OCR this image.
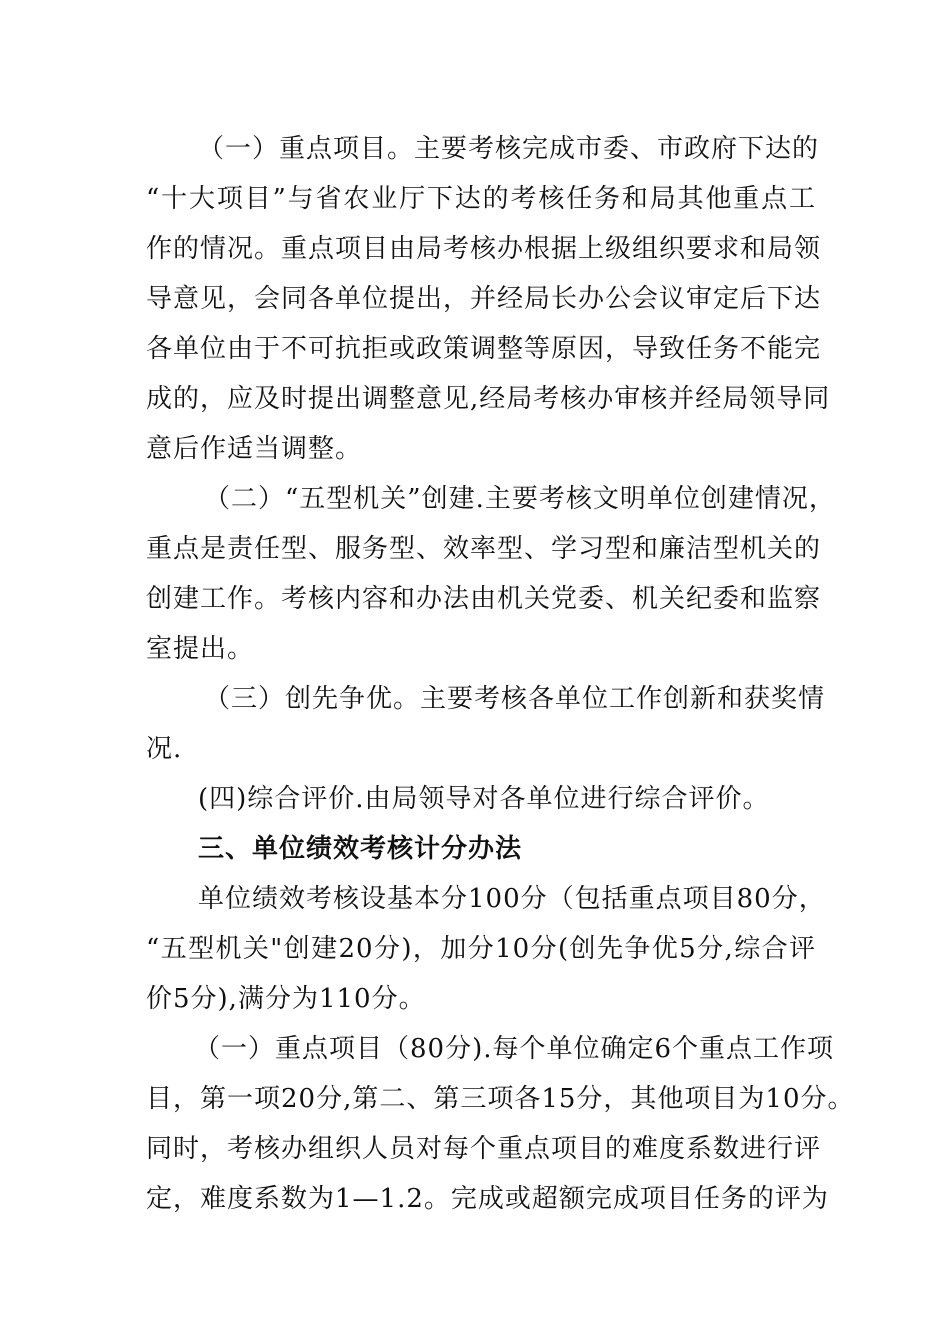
（一）重点项目。主要考核完成市委、市政府下达的
“十大项目”与省农业厅下达的考核任务和局其他重点工
作的情况。重点项目由局考核办根据上级组织要求和局领
导意见，会同各单位提出，并经局长办公会议审定后下达
各单位由于不可抗拒或政策调整等原因，导致任务不能完
成的，应及时提出调整意见,经局考核办审核并经局领导同
意后作适当调整。
（二）“五型机关”创建.主要考核文明单位创建情况，
重点是责任型、服务型、效率型、学习型和廉洁型机关的
创建工作。考核内容和办法由机关党委、机关纪委和监察
室提出。
（三）创先争优。主要考核各单位工作创新和获奖情
况.
(四)综合评价.由局领导对各单位进行综合评价。
三、单位绩效考核计分办法
单位绩效考核设基本分100分（包括重点项目80分，
“五型机关"创建20分)，加分10分(创先争优5分,综合评
价5分),满分为110分。
（一）重点项目（80分).每个单位确定6个重点工作项
目，第一项20分,第二、第三项各15分，其他项目为10分。
同时，考核办组织人员对每个重点项目的难度系数进行评
定，难度系数为1—1.2。完成或超额完成项目任务的评为
